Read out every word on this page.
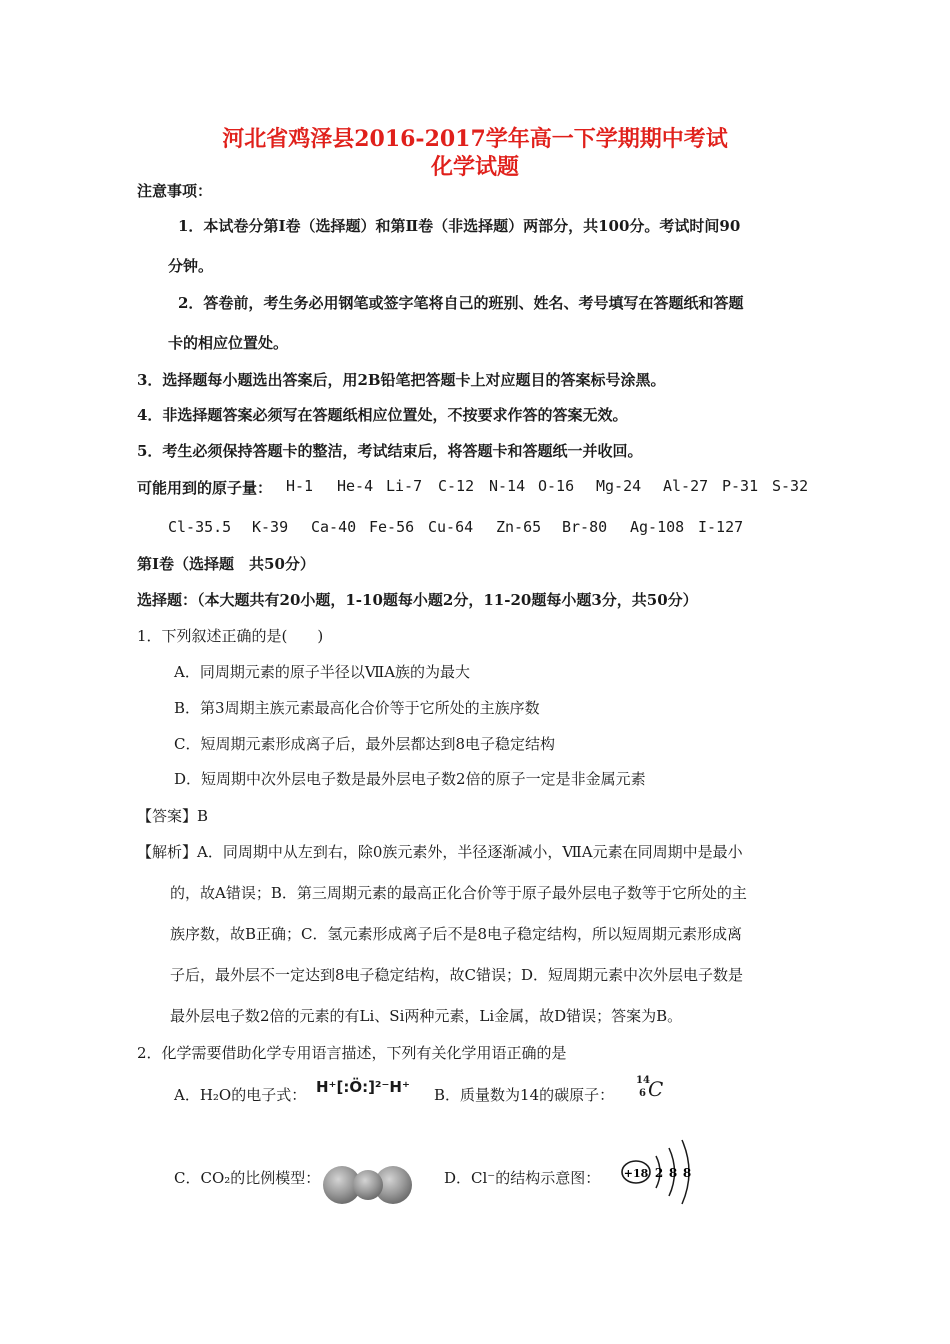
河北省鸡泽县2016-2017学年高一下学期期中考试
化学试题
注意事项：
1．本试卷分第Ⅰ卷（选择题）和第Ⅱ卷（非选择题）两部分，共100分。考试时间90
分钟。
2．答卷前，考生务必用钢笔或签字笔将自己的班别、姓名、考号填写在答题纸和答题
卡的相应位置处。
3．选择题每小题选出答案后，用2B铅笔把答题卡上对应题目的答案标号涂黑。
4．非选择题答案必须写在答题纸相应位置处，不按要求作答的答案无效。
5．考生必须保持答题卡的整洁，考试结束后，将答题卡和答题纸一并收回。
可能用到的原子量： H-1 He-4 Li-7 C-12 N-14 O-16 Mg-24 Al-27 P-31 S-32
Cl-35.5 K-39 Ca-40 Fe-56 Cu-64 Zn-65 Br-80 Ag-108 I-127
第Ⅰ卷（选择题　共50分）
选择题：（本大题共有20小题，1-10题每小题2分，11-20题每小题3分，共50分）
1．下列叙述正确的是(　　)
A．同周期元素的原子半径以ⅦA族的为最大
B．第3周期主族元素最高化合价等于它所处的主族序数
C．短周期元素形成离子后，最外层都达到8电子稳定结构
D．短周期中次外层电子数是最外层电子数2倍的原子一定是非金属元素
【答案】B
【解析】A．同周期中从左到右，除0族元素外，半径逐渐减小，ⅦA元素在同周期中是最小
的，故A错误；B．第三周期元素的最高正化合价等于原子最外层电子数等于它所处的主
族序数，故B正确；C．氢元素形成离子后不是8电子稳定结构，所以短周期元素形成离
子后，最外层不一定达到8电子稳定结构，故C错误；D．短周期元素中次外层电子数是
最外层电子数2倍的元素的有Li、Si两种元素，Li金属，故D错误；答案为B。
2．化学需要借助化学专用语言描述，下列有关化学用语正确的是
A．H₂O的电子式： H⁺[:Ö:]²⁻H⁺ B．质量数为14的碳原子：
14
6 C
C．CO₂的比例模型：	D．Cl⁻的结构示意图： +18 2 8 8
